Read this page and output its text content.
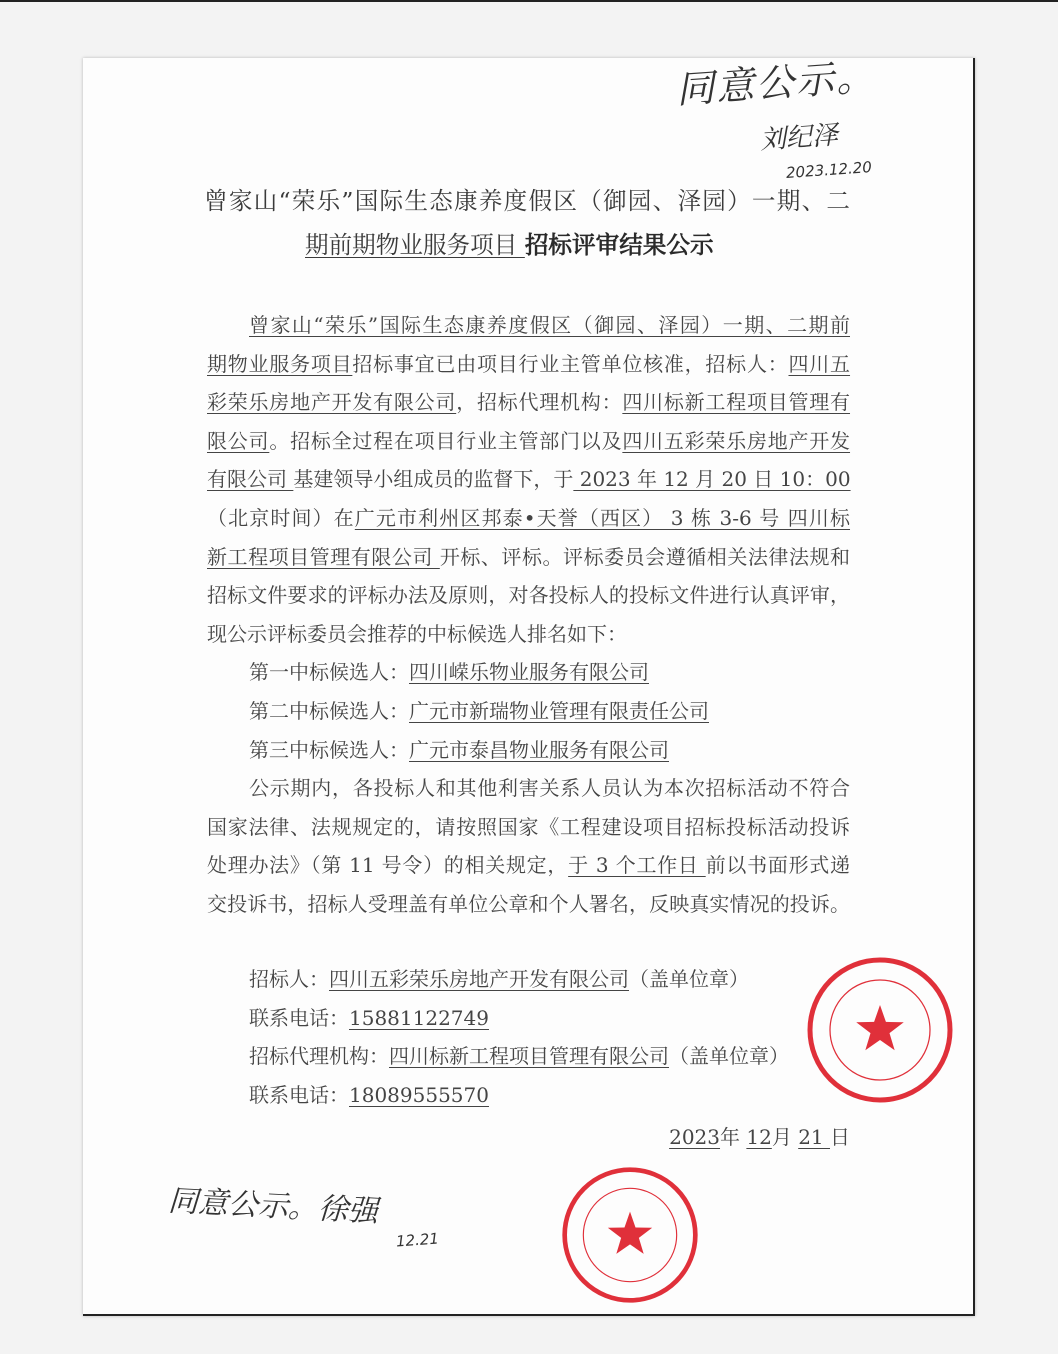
同意公示。
刘纪泽
2023.12.20
曾家山“荣乐”国际生态康养度假区（御园、泽园）一期、二
期前期物业服务项目 招标评审结果公示
曾家山“荣乐”国际生态康养度假区（御园、泽园）一期、二期前
期物业服务项目招标事宜已由项目行业主管单位核准，招标人：四川五
彩荣乐房地产开发有限公司，招标代理机构：四川标新工程项目管理有
限公司。招标全过程在项目行业主管部门以及四川五彩荣乐房地产开发
有限公司 基建领导小组成员的监督下，于 2023 年 12 月 20 日 10：00
（北京时间）在广元市利州区邦泰•天誉（西区） 3 栋 3-6 号 四川标
新工程项目管理有限公司 开标、评标。评标委员会遵循相关法律法规和
招标文件要求的评标办法及原则，对各投标人的投标文件进行认真评审，
现公示评标委员会推荐的中标候选人排名如下：
第一中标候选人：四川嵘乐物业服务有限公司
第二中标候选人：广元市新瑞物业管理有限责任公司
第三中标候选人：广元市泰昌物业服务有限公司
公示期内，各投标人和其他利害关系人员认为本次招标活动不符合
国家法律、法规规定的，请按照国家《工程建设项目招标投标活动投诉
处理办法》（第 11 号令）的相关规定，于 3 个工作日 前以书面形式递
交投诉书，招标人受理盖有单位公章和个人署名，反映真实情况的投诉。
招标人：四川五彩荣乐房地产开发有限公司（盖单位章）
联系电话：15881122749
招标代理机构：四川标新工程项目管理有限公司（盖单位章）
联系电话：18089555570
2023年 12月 21 日
同意公示。徐强
12.21
